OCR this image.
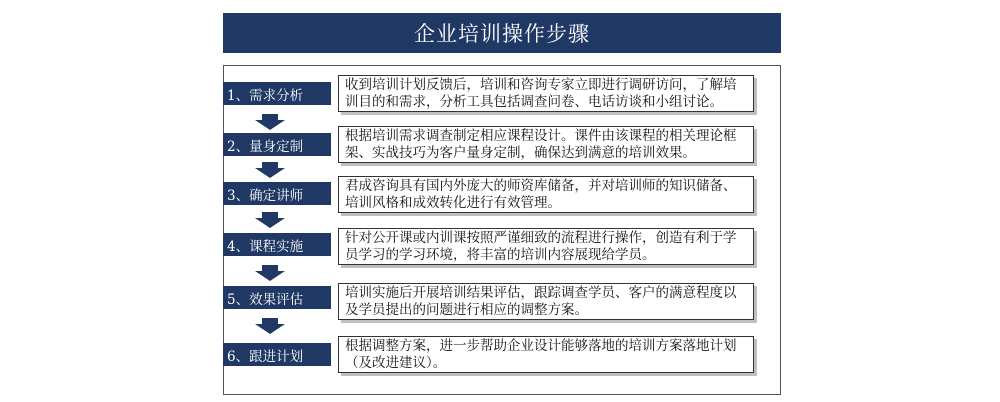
企业培训操作步骤
1、需求分析
收到培训计划反馈后，培训和咨询专家立即进行调研访问，了解培训目的和需求，分析工具包括调查问卷、电话访谈和小组讨论。
2、量身定制
根据培训需求调查制定相应课程设计。课件由该课程的相关理论框架、实战技巧为客户量身定制，确保达到满意的培训效果。
3、确定讲师
君成咨询具有国内外庞大的师资库储备，并对培训师的知识储备、培训风格和成效转化进行有效管理。
4、课程实施
针对公开课或内训课按照严谨细致的流程进行操作，创造有利于学员学习的学习环境，将丰富的培训内容展现给学员。
5、效果评估	培训实施后开展培训结果评估，跟踪调查学员、客户的满意程度以及学员提出的问题进行相应的调整方案。
6、跟进计划
根据调整方案，进一步帮助企业设计能够落地的培训方案落地计划（及改进建议）。
